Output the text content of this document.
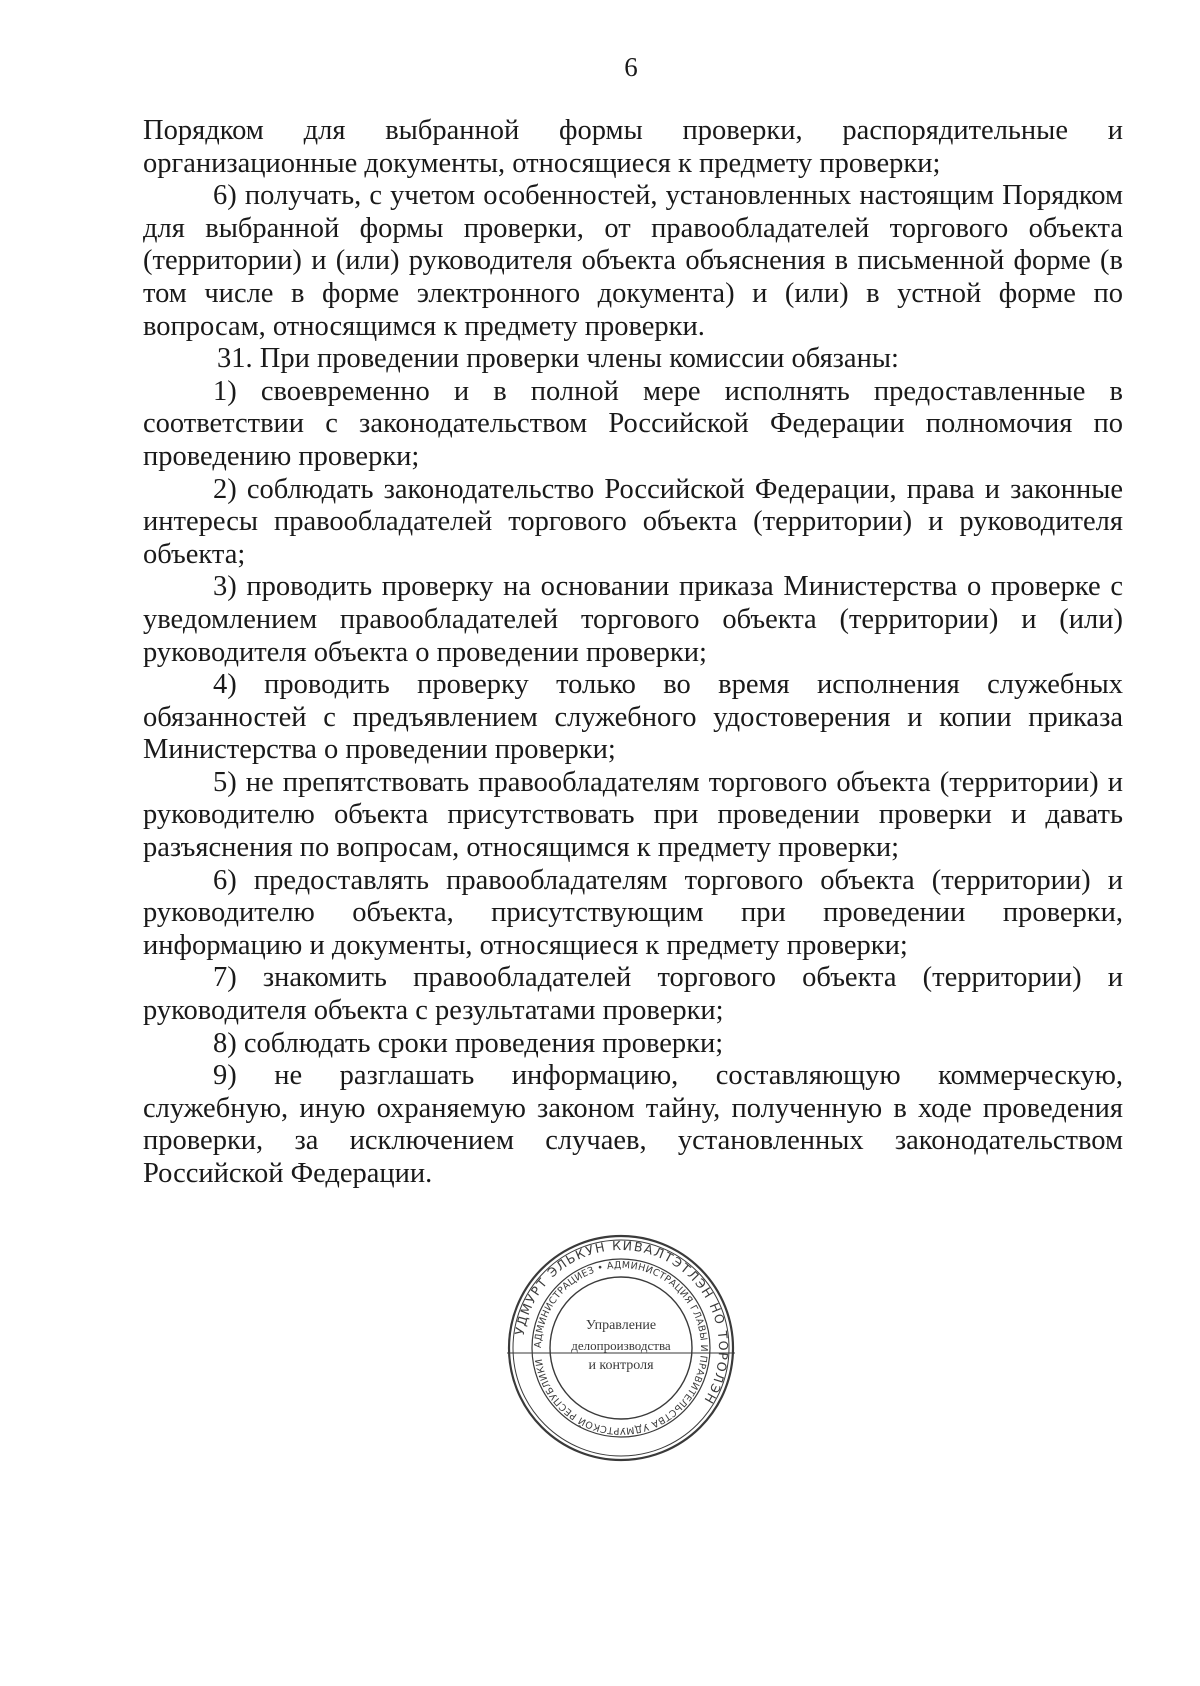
6

Порядком для выбранной формы проверки, распорядительные и организационные документы, относящиеся к предмету проверки;

6) получать, с учетом особенностей, установленных настоящим Порядком для выбранной формы проверки, от правообладателей торгового объекта (территории) и (или) руководителя объекта объяснения в письменной форме (в том числе в форме электронного документа) и (или) в устной форме по вопросам, относящимся к предмету проверки.

31. При проведении проверки члены комиссии обязаны:

1) своевременно и в полной мере исполнять предоставленные в соответствии с законодательством Российской Федерации полномочия по проведению проверки;

2) соблюдать законодательство Российской Федерации, права и законные интересы правообладателей торгового объекта (территории) и руководителя объекта;

3) проводить проверку на основании приказа Министерства о проверке с уведомлением правообладателей торгового объекта (территории) и (или) руководителя объекта о проведении проверки;

4) проводить проверку только во время исполнения служебных обязанностей с предъявлением служебного удостоверения и копии приказа Министерства о проведении проверки;

5) не препятствовать правообладателям торгового объекта (территории) и руководителю объекта присутствовать при проведении проверки и давать разъяснения по вопросам, относящимся к предмету проверки;

6) предоставлять правообладателям торгового объекта (территории) и руководителю объекта, присутствующим при проведении проверки, информацию и документы, относящиеся к предмету проверки;

7) знакомить правообладателей торгового объекта (территории) и руководителя объекта с результатами проверки;

8) соблюдать сроки проведения проверки;

9) не разглашать информацию, составляющую коммерческую, служебную, иную охраняемую законом тайну, полученную в ходе проведения проверки, за исключением случаев, установленных законодательством Российской Федерации.

УДМУРТ ЭЛЬКУН КИВАЛТЭТЛЭН НО ТОРОЛЭН
АДМИНИСТРАЦИЕЗ • АДМИНИСТРАЦИЯ ГЛАВЫ И ПРАВИТЕЛЬСТВА УДМУРТСКОЙ РЕСПУБЛИКИ
Управление
делопроизводства
и контроля
